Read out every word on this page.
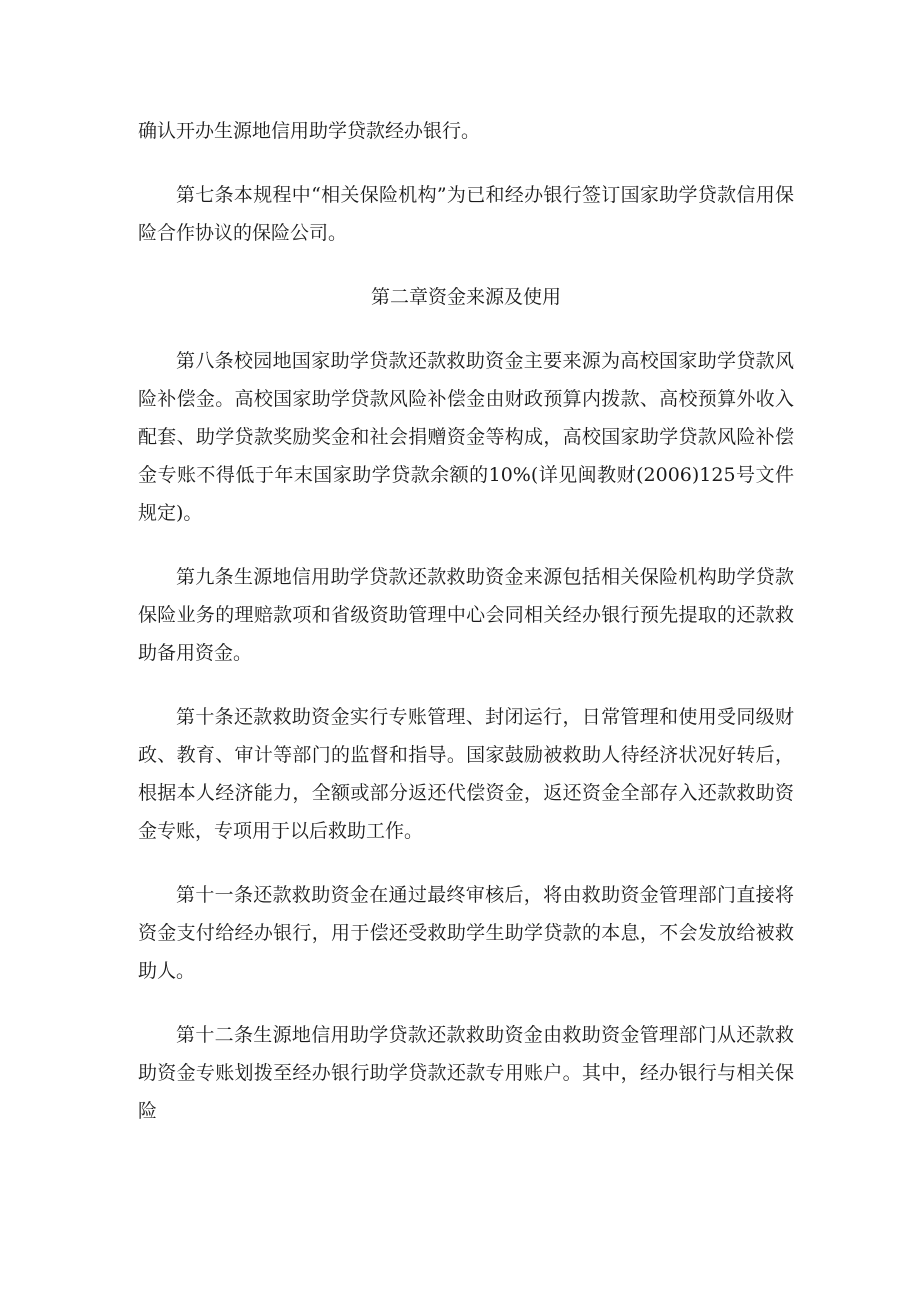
确认开办生源地信用助学贷款经办银行。

第七条本规程中“相关保险机构”为已和经办银行签订国家助学贷款信用保险合作协议的保险公司。

第二章资金来源及使用

第八条校园地国家助学贷款还款救助资金主要来源为高校国家助学贷款风险补偿金。高校国家助学贷款风险补偿金由财政预算内拨款、高校预算外收入配套、助学贷款奖励奖金和社会捐赠资金等构成，高校国家助学贷款风险补偿金专账不得低于年末国家助学贷款余额的10%(详见闽教财(2006)125号文件规定)。

第九条生源地信用助学贷款还款救助资金来源包括相关保险机构助学贷款保险业务的理赔款项和省级资助管理中心会同相关经办银行预先提取的还款救助备用资金。

第十条还款救助资金实行专账管理、封闭运行，日常管理和使用受同级财政、教育、审计等部门的监督和指导。国家鼓励被救助人待经济状况好转后，根据本人经济能力，全额或部分返还代偿资金，返还资金全部存入还款救助资金专账，专项用于以后救助工作。

第十一条还款救助资金在通过最终审核后，将由救助资金管理部门直接将资金支付给经办银行，用于偿还受救助学生助学贷款的本息，不会发放给被救助人。

第十二条生源地信用助学贷款还款救助资金由救助资金管理部门从还款救助资金专账划拨至经办银行助学贷款还款专用账户。其中，经办银行与相关保险
